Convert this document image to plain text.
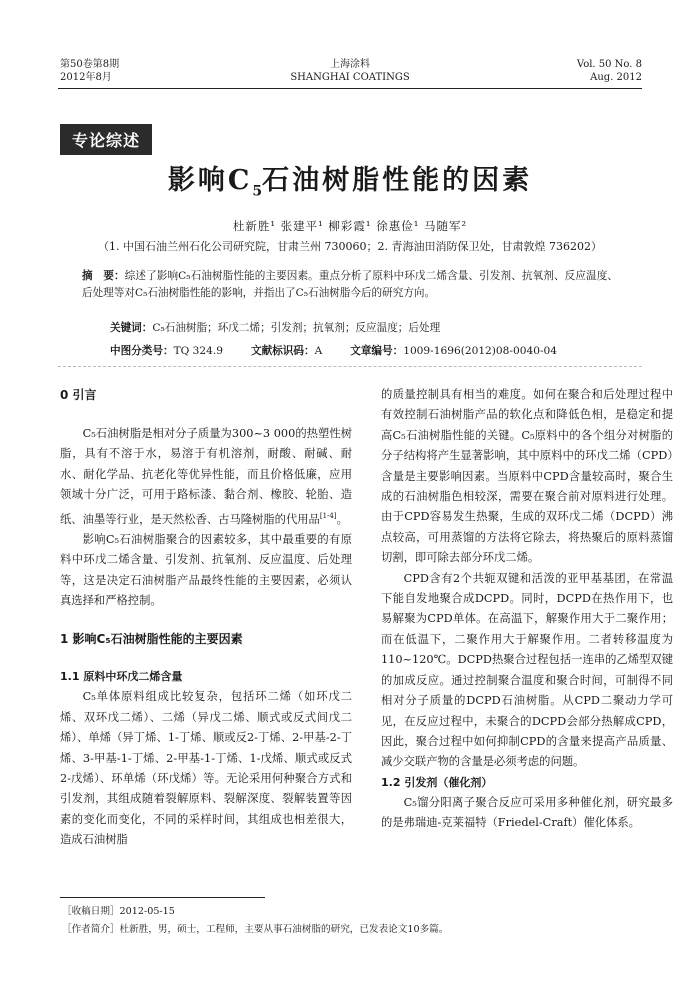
第50卷第8期
2012年8月
上海涂料
SHANGHAI COATINGS
Vol. 50 No. 8
Aug. 2012
专论综述
影响$C_5$石油树脂性能的因素
杜新胜¹ 张建平¹ 柳彩霞¹ 徐惠俭¹ 马随军²
（1. 中国石油兰州石化公司研究院，甘肃兰州 730060；2. 青海油田消防保卫处，甘肃敦煌 736202）
摘　要：综述了影响C₅石油树脂性能的主要因素。重点分析了原料中环戊二烯含量、引发剂、抗氧剂、反应温度、后处理等对C₅石油树脂性能的影响，并指出了C₅石油树脂今后的研究方向。
关键词：C₅石油树脂；环戊二烯；引发剂；抗氧剂；反应温度；后处理
中图分类号：TQ 324.9	文献标识码：A	文章编号：1009-1696(2012)08-0040-04
0 引言

C₅石油树脂是相对分子质量为300~3 000的热塑性树脂，具有不溶于水，易溶于有机溶剂，耐酸、耐碱、耐水、耐化学品、抗老化等优异性能，而且价格低廉，应用领域十分广泛，可用于路标漆、黏合剂、橡胶、轮胎、造纸、油墨等行业，是天然松香、古马隆树脂的代用品[1-4]。

影响C₅石油树脂聚合的因素较多，其中最重要的有原料中环戊二烯含量、引发剂、抗氧剂、反应温度、后处理等，这是决定石油树脂产品最终性能的主要因素，必须认真选择和严格控制。

1 影响C₅石油树脂性能的主要因素
1.1 原料中环戊二烯含量

C₅单体原料组成比较复杂，包括环二烯（如环戊二烯、双环戊二烯）、二烯（异戊二烯、顺式或反式间戊二烯）、单烯（异丁烯、1-丁烯、顺或反2-丁烯、2-甲基-2-丁烯、3-甲基-1-丁烯、2-甲基-1-丁烯、1-戊烯、顺式或反式2-戊烯）、环单烯（环戊烯）等。无论采用何种聚合方式和引发剂，其组成随着裂解原料、裂解深度、裂解装置等因素的变化而变化，不同的采样时间，其组成也相差很大，造成石油树脂

的质量控制具有相当的难度。如何在聚合和后处理过程中有效控制石油树脂产品的软化点和降低色相，是稳定和提高C₅石油树脂性能的关键。C₅原料中的各个组分对树脂的分子结构将产生显著影响，其中原料中的环戊二烯（CPD）含量是主要影响因素。当原料中CPD含量较高时，聚合生成的石油树脂色相较深，需要在聚合前对原料进行处理。由于CPD容易发生热聚，生成的双环戊二烯（DCPD）沸点较高，可用蒸馏的方法将它除去，将热聚后的原料蒸馏切割，即可除去部分环戊二烯。

CPD含有2个共轭双键和活泼的亚甲基基团，在常温下能自发地聚合成DCPD。同时，DCPD在热作用下，也易解聚为CPD单体。在高温下，解聚作用大于二聚作用；而在低温下，二聚作用大于解聚作用。二者转移温度为110~120℃。DCPD热聚合过程包括一连串的乙烯型双键的加成反应。通过控制聚合温度和聚合时间，可制得不同相对分子质量的DCPD石油树脂。从CPD二聚动力学可见，在反应过程中，未聚合的DCPD会部分热解成CPD，因此，聚合过程中如何抑制CPD的含量来提高产品质量、减少交联产物的含量是必须考虑的问题。

1.2 引发剂（催化剂）

C₅馏分阳离子聚合反应可采用多种催化剂，研究最多的是弗瑞迪-克莱福特（Friedel-Craft）催化体系。

［收稿日期］2012-05-15
［作者简介］杜新胜，男，硕士，工程师，主要从事石油树脂的研究，已发表论文10多篇。
